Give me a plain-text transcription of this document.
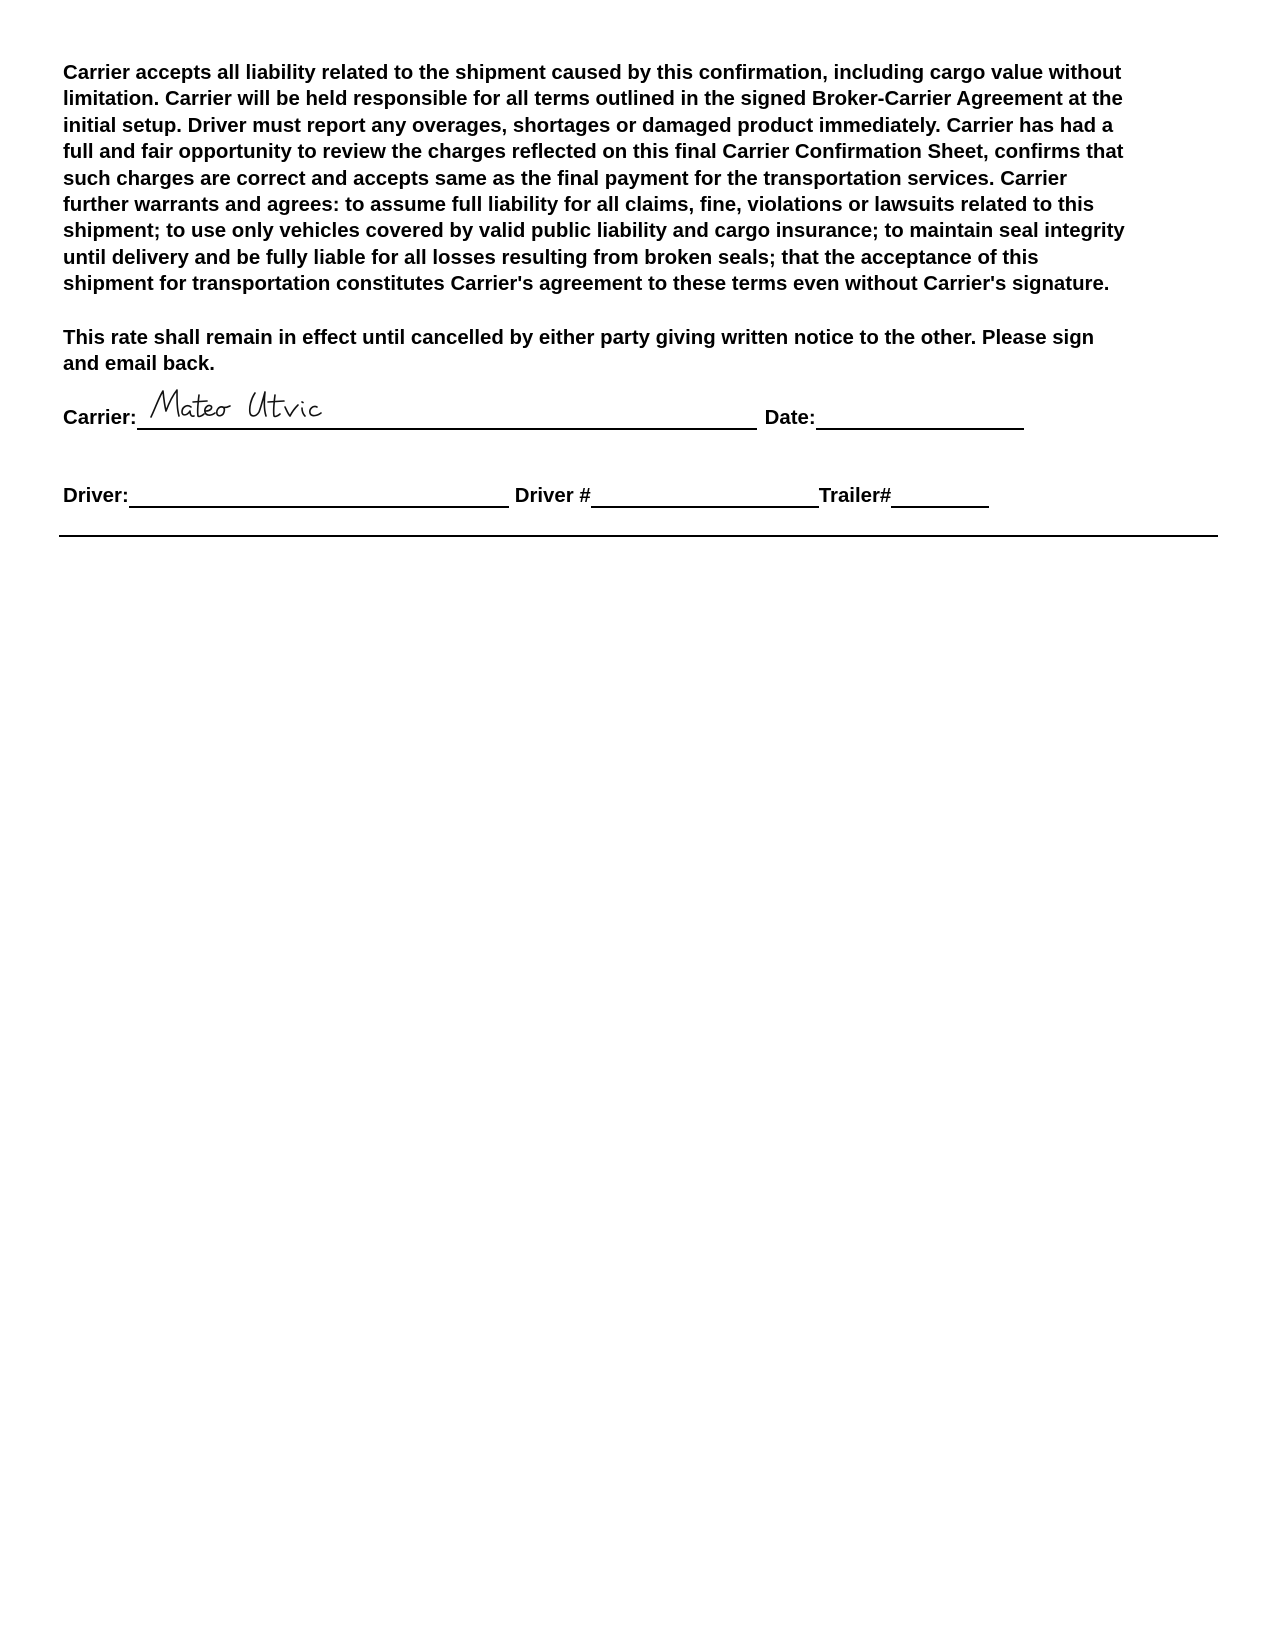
Carrier accepts all liability related to the shipment caused by this confirmation, including cargo value without
limitation. Carrier will be held responsible for all terms outlined in the signed Broker-Carrier Agreement at the
initial setup. Driver must report any overages, shortages or damaged product immediately. Carrier has had a
full and fair opportunity to review the charges reflected on this final Carrier Confirmation Sheet, confirms that
such charges are correct and accepts same as the final payment for the transportation services. Carrier
further warrants and agrees: to assume full liability for all claims, fine, violations or lawsuits related to this
shipment; to use only vehicles covered by valid public liability and cargo insurance; to maintain seal integrity
until delivery and be fully liable for all losses resulting from broken seals; that the acceptance of this
shipment for transportation constitutes Carrier's agreement to these terms even without Carrier's signature.
This rate shall remain in effect until cancelled by either party giving written notice to the other. Please sign
and email back.
Carrier:	Date:
Driver:	Driver #	Trailer#
